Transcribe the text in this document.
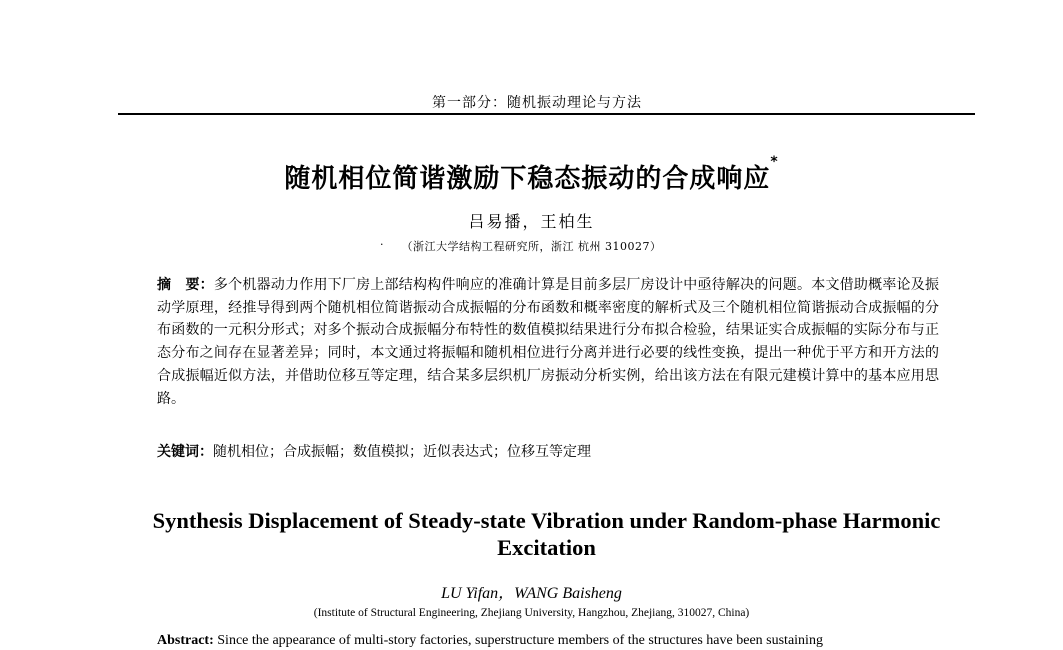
第一部分：随机振动理论与方法
随机相位简谐激励下稳态振动的合成响应*
吕易播，王柏生
· （浙江大学结构工程研究所，浙江 杭州 310027）
摘　要：多个机器动力作用下厂房上部结构构件响应的准确计算是目前多层厂房设计中亟待解决的问题。本文借助概率论及振动学原理，经推导得到两个随机相位简谐振动合成振幅的分布函数和概率密度的解析式及三个随机相位简谐振动合成振幅的分布函数的一元积分形式；对多个振动合成振幅分布特性的数值模拟结果进行分布拟合检验，结果证实合成振幅的实际分布与正态分布之间存在显著差异；同时，本文通过将振幅和随机相位进行分离并进行必要的线性变换，提出一种优于平方和开方法的合成振幅近似方法，并借助位移互等定理，结合某多层织机厂房振动分析实例，给出该方法在有限元建模计算中的基本应用思路。
关键词：随机相位；合成振幅；数值模拟；近似表达式；位移互等定理
Synthesis Displacement of Steady-state Vibration under Random-phase Harmonic Excitation
LU Yifan，WANG Baisheng
(Institute of Structural Engineering, Zhejiang University, Hangzhou, Zhejiang, 310027, China)
Abstract: Since the appearance of multi-story factories, superstructure members of the structures have been sustaining
